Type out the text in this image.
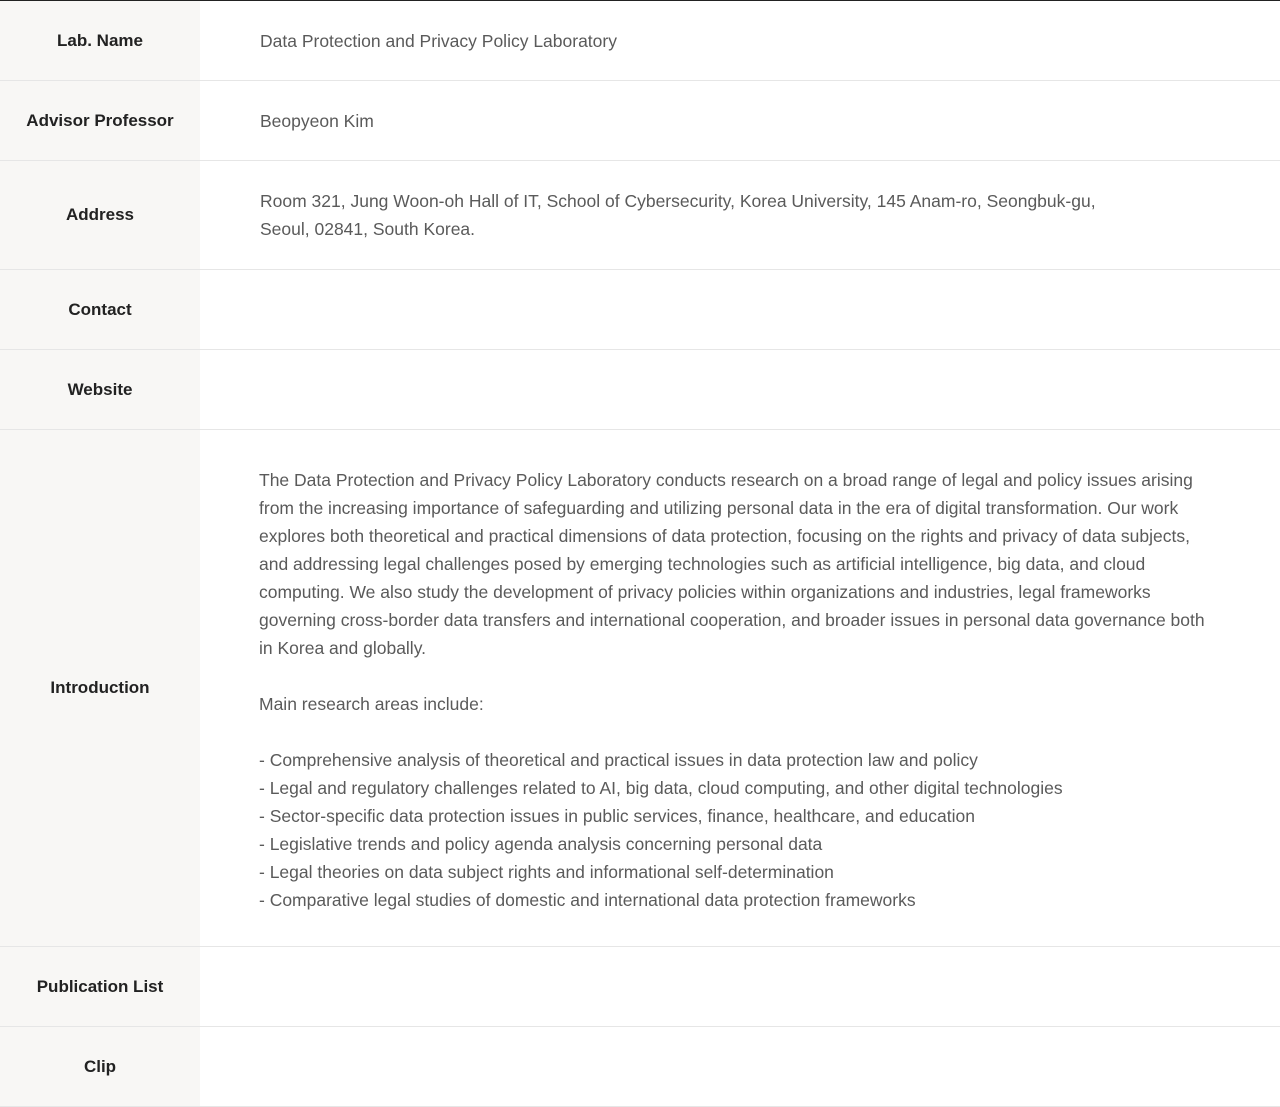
Lab. Name	Data Protection and Privacy Policy Laboratory
Advisor Professor	Beopyeon Kim
Address
Room 321, Jung Woon-oh Hall of IT, School of Cybersecurity, Korea University, 145 Anam-ro, Seongbuk-gu, Seoul, 02841, South Korea.
Contact
Website
Introduction

The Data Protection and Privacy Policy Laboratory conducts research on a broad range of legal and policy issues arising from the increasing importance of safeguarding and utilizing personal data in the era of digital transformation. Our work explores both theoretical and practical dimensions of data protection, focusing on the rights and privacy of data subjects, and addressing legal challenges posed by emerging technologies such as artificial intelligence, big data, and cloud computing. We also study the development of privacy policies within organizations and industries, legal frameworks governing cross-border data transfers and international cooperation, and broader issues in personal data governance both in Korea and globally.

Main research areas include:

- Comprehensive analysis of theoretical and practical issues in data protection law and policy
- Legal and regulatory challenges related to AI, big data, cloud computing, and other digital technologies
- Sector-specific data protection issues in public services, finance, healthcare, and education
- Legislative trends and policy agenda analysis concerning personal data
- Legal theories on data subject rights and informational self-determination
- Comparative legal studies of domestic and international data protection frameworks
Publication List
Clip
